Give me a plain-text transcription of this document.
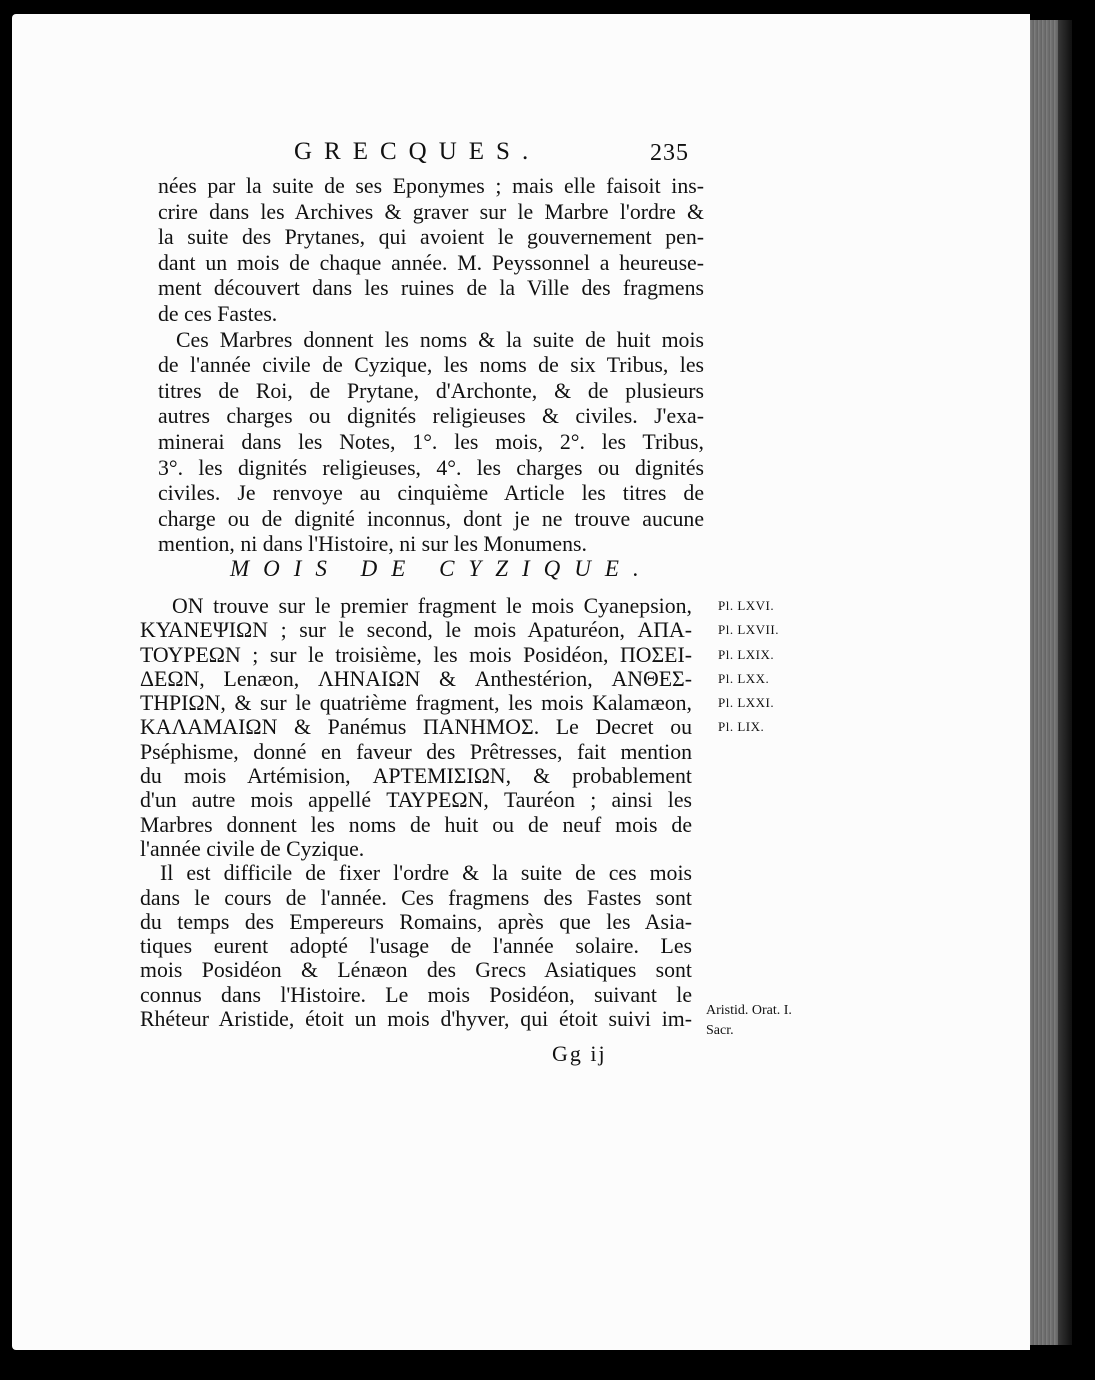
GRECQUES.	235
nées par la suite de ses Eponymes ; mais elle faisoit ins-
crire dans les Archives & graver sur le Marbre l'ordre &
la suite des Prytanes, qui avoient le gouvernement pen-
dant un mois de chaque année. M. Peyssonnel a heureuse-
ment découvert dans les ruines de la Ville des fragmens
de ces Fastes.
Ces Marbres donnent les noms & la suite de huit mois
de l'année civile de Cyzique, les noms de six Tribus, les
titres de Roi, de Prytane, d'Archonte, & de plusieurs
autres charges ou dignités religieuses & civiles. J'exa-
minerai dans les Notes, 1°. les mois, 2°. les Tribus,
3°. les dignités religieuses, 4°. les charges ou dignités
civiles. Je renvoye au cinquième Article les titres de
charge ou de dignité inconnus, dont je ne trouve aucune
mention, ni dans l'Histoire, ni sur les Monumens.
MOIS DE CYZIQUE.
ON trouve sur le premier fragment le mois Cyanepsion,
ΚΥΑΝΕΨΙΩΝ ; sur le second, le mois Apaturéon, ΑΠΑ-
ΤΟΥΡΕΩΝ ; sur le troisième, les mois Posidéon, ΠΟΣΕΙ-
ΔΕΩΝ, Lenæon, ΛΗΝΑΙΩΝ & Anthestérion, ΑΝΘΕΣ-
ΤΗΡΙΩΝ, & sur le quatrième fragment, les mois Kalamæon,
ΚΑΛΑΜΑΙΩΝ & Panémus ΠΑΝΗΜΟΣ. Le Decret ou
Pséphisme, donné en faveur des Prêtresses, fait mention
du mois Artémision, ΑΡΤΕΜΙΣΙΩΝ, & probablement
d'un autre mois appellé ΤΑΥΡΕΩΝ, Tauréon ; ainsi les
Marbres donnent les noms de huit ou de neuf mois de
l'année civile de Cyzique.
Il est difficile de fixer l'ordre & la suite de ces mois
dans le cours de l'année. Ces fragmens des Fastes sont
du temps des Empereurs Romains, après que les Asia-
tiques eurent adopté l'usage de l'année solaire. Les
mois Posidéon & Lénæon des Grecs Asiatiques sont
connus dans l'Histoire. Le mois Posidéon, suivant le
Rhéteur Aristide, étoit un mois d'hyver, qui étoit suivi im-
Pl. LXVI.
Pl. LXVII.
Pl. LXIX.
Pl. LXX.
Pl. LXXI.
Pl. LIX.
Aristid. Orat. I.
Sacr.
Gg ij
